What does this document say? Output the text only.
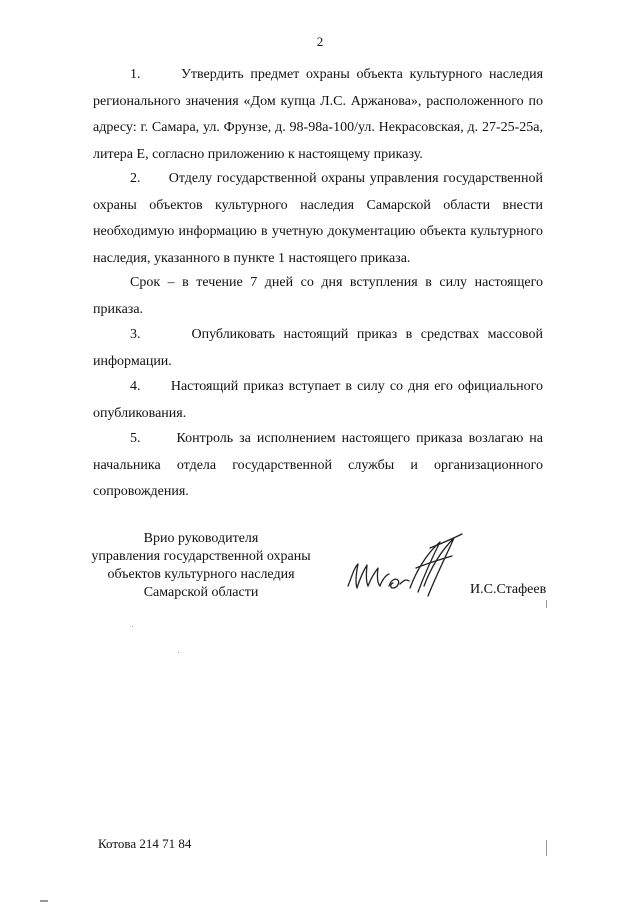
2
1.	Утвердить предмет охраны объекта культурного наследия регионального значения «Дом купца Л.С. Аржанова», расположенного по адресу: г. Самара, ул. Фрунзе, д. 98-98а-100/ул. Некрасовская, д. 27-25-25а, литера Е, согласно приложению к настоящему приказу.
2. Отделу государственной охраны управления государственной охраны объектов культурного наследия Самарской области внести необходимую информацию в учетную документацию объекта культурного наследия, указанного в пункте 1 настоящего приказа.
Срок – в течение 7 дней со дня вступления в силу настоящего приказа.
3.	Опубликовать настоящий приказ в средствах массовой информации.
4. Настоящий приказ вступает в силу со дня его официального опубликования.
5.	Контроль за исполнением настоящего приказа возлагаю на начальника отдела государственной службы и организационного сопровождения.
Врио руководителя
управления государственной охраны
объектов культурного наследия
Самарской области	И.С.Стафеев
Котова 214 71 84
